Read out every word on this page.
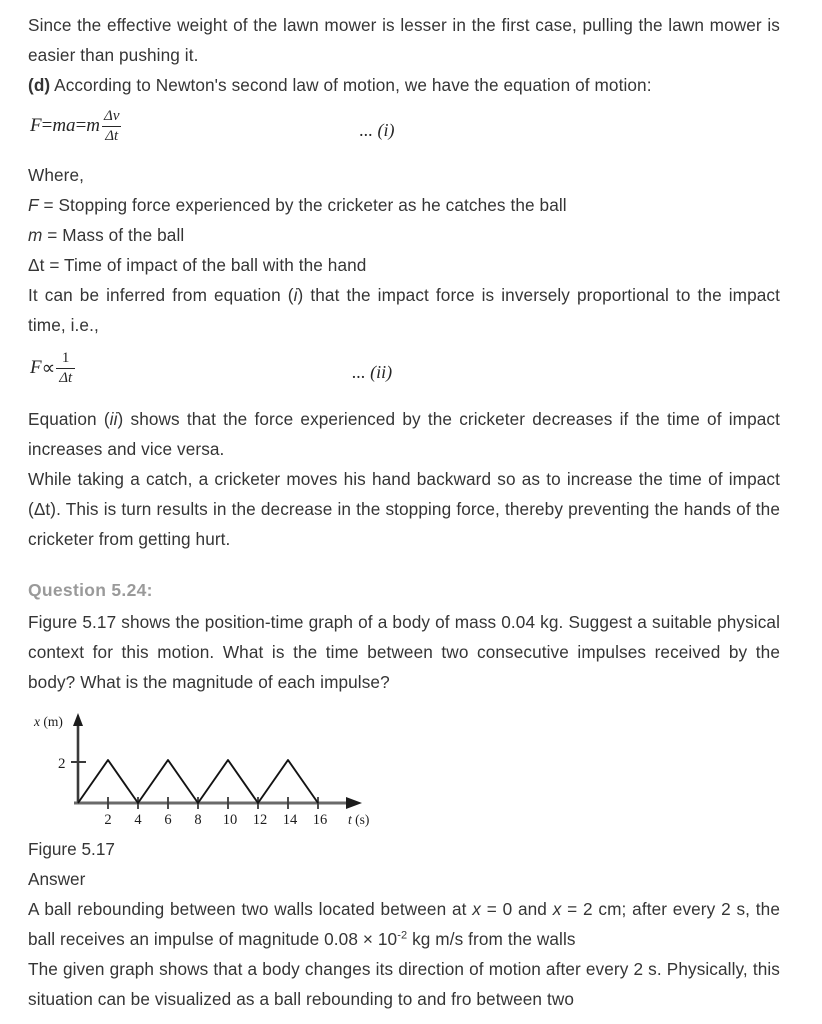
Since the effective weight of the lawn mower is lesser in the first case, pulling the lawn mower is easier than pushing it.

(d) According to Newton's second law of motion, we have the equation of motion:

F = ma = m $\frac{\Delta v}{\Delta t}$	... (i)

Where,

F = Stopping force experienced by the cricketer as he catches the ball

m = Mass of the ball

Δt = Time of impact of the ball with the hand

It can be inferred from equation (i) that the impact force is inversely proportional to the impact time, i.e.,

$F \propto \frac{1}{\Delta t}$	... (ii)

Equation (ii) shows that the force experienced by the cricketer decreases if the time of impact increases and vice versa.

While taking a catch, a cricketer moves his hand backward so as to increase the time of impact (Δt). This is turn results in the decrease in the stopping force, thereby preventing the hands of the cricketer from getting hurt.

Question 5.24:

Figure 5.17 shows the position-time graph of a body of mass 0.04 kg. Suggest a suitable physical context for this motion. What is the time between two consecutive impulses received by the body? What is the magnitude of each impulse?

2
x (m)
2 4 6 8 10 12 14 16 t (s)

Figure 5.17

Answer

A ball rebounding between two walls located between at x = 0 and x = 2 cm; after every 2 s, the ball receives an impulse of magnitude $0.08 \times 10^{-2}$ kg m/s from the walls

The given graph shows that a body changes its direction of motion after every 2 s. Physically, this situation can be visualized as a ball rebounding to and fro between two
